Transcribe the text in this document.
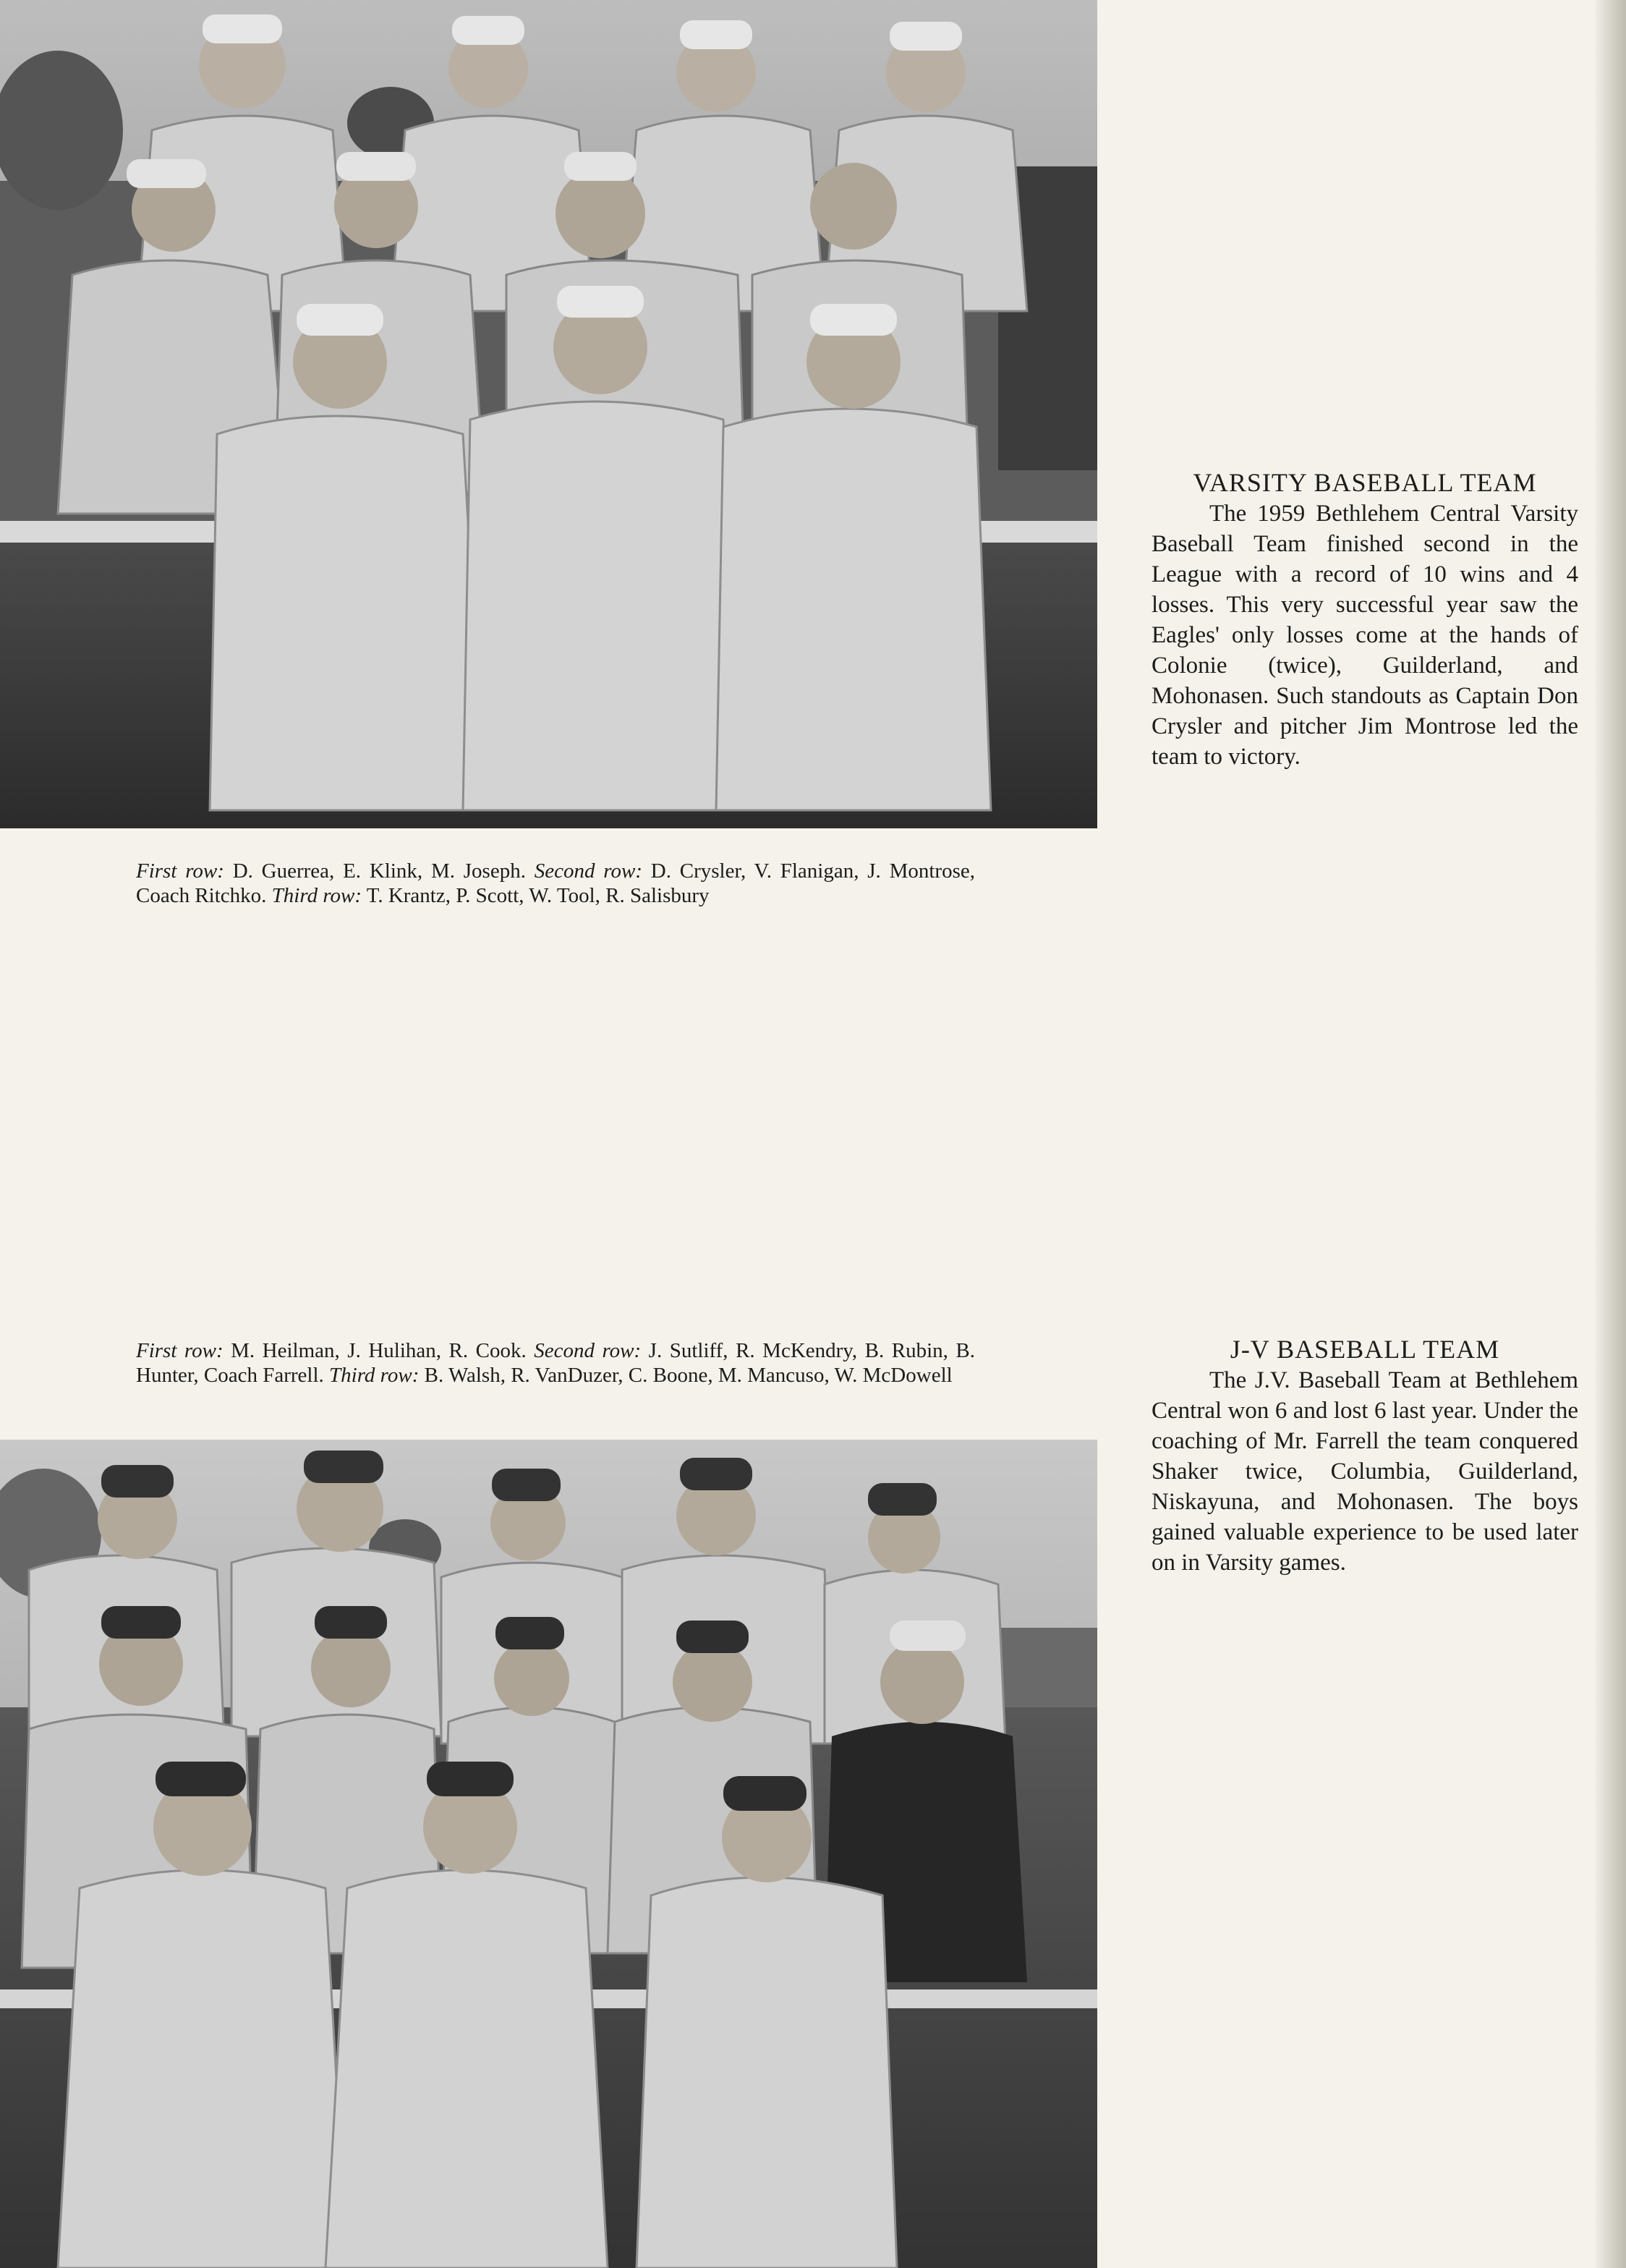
First row: D. Guerrea, E. Klink, M. Joseph. Second row: D. Crysler, V. Flanigan, J. Montrose, Coach Ritchko. Third row: T. Krantz, P. Scott, W. Tool, R. Salisbury
VARSITY BASEBALL TEAM

The 1959 Bethlehem Central Varsity Baseball Team finished second in the League with a record of 10 wins and 4 losses. This very successful year saw the Eagles' only losses come at the hands of Colonie (twice), Guilderland, and Mohonasen. Such standouts as Captain Don Crysler and pitcher Jim Montrose led the team to victory.

First row: M. Heilman, J. Hulihan, R. Cook. Second row: J. Sutliff, R. McKendry, B. Rubin, B. Hunter, Coach Farrell. Third row: B. Walsh, R. VanDuzer, C. Boone, M. Mancuso, W. McDowell
J-V BASEBALL TEAM

The J.V. Baseball Team at Bethlehem Central won 6 and lost 6 last year. Under the coaching of Mr. Farrell the team conquered Shaker twice, Columbia, Guilderland, Niskayuna, and Mohonasen. The boys gained valuable experience to be used later on in Varsity games.
